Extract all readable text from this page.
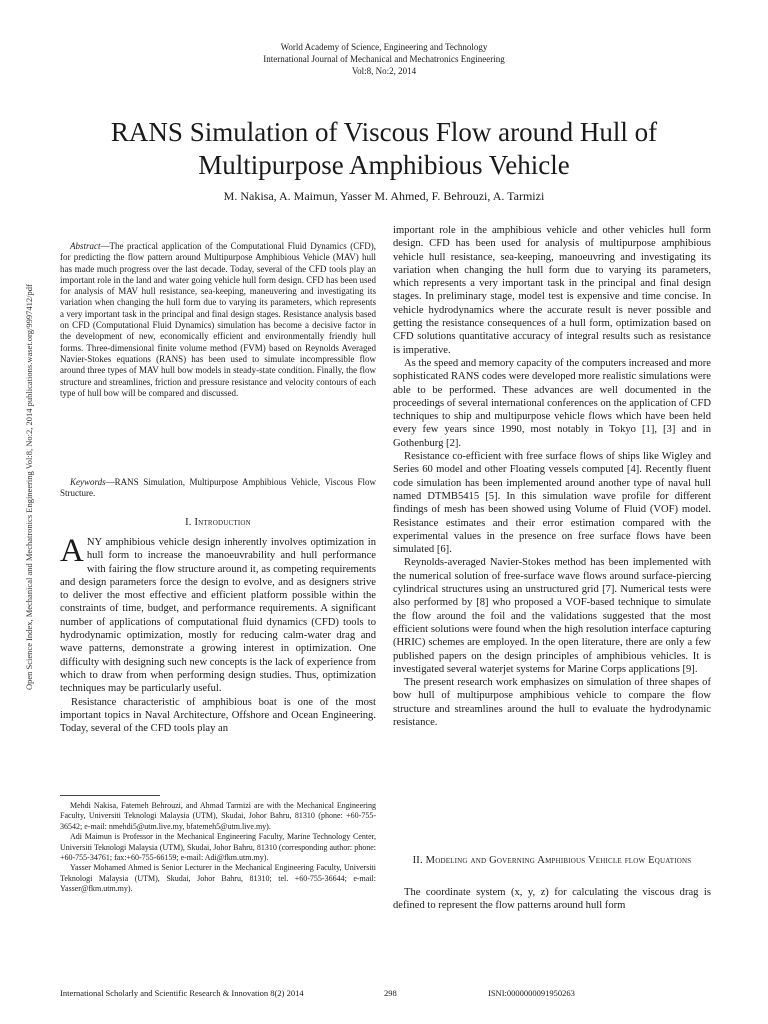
World Academy of Science, Engineering and Technology
International Journal of Mechanical and Mechatronics Engineering
Vol:8, No:2, 2014
RANS Simulation of Viscous Flow around Hull of
Multipurpose Amphibious Vehicle
M. Nakisa, A. Maimun, Yasser M. Ahmed, F. Behrouzi, A. Tarmizi
Open Science Index, Mechanical and Mechatronics Engineering Vol:8, No:2, 2014 publications.waset.org/9997412/pdf
Abstract—The practical application of the Computational Fluid Dynamics (CFD), for predicting the flow pattern around Multipurpose Amphibious Vehicle (MAV) hull has made much progress over the last decade. Today, several of the CFD tools play an important role in the land and water going vehicle hull form design. CFD has been used for analysis of MAV hull resistance, sea-keeping, maneuvering and investigating its variation when changing the hull form due to varying its parameters, which represents a very important task in the principal and final design stages. Resistance analysis based on CFD (Computational Fluid Dynamics) simulation has become a decisive factor in the development of new, economically efficient and environmentally friendly hull forms. Three-dimensional finite volume method (FVM) based on Reynolds Averaged Navier-Stokes equations (RANS) has been used to simulate incompressible flow around three types of MAV hull bow models in steady-state condition. Finally, the flow structure and streamlines, friction and pressure resistance and velocity contours of each type of hull bow will be compared and discussed.
Keywords—RANS Simulation, Multipurpose Amphibious Vehicle, Viscous Flow Structure.
I. Introduction

ANY amphibious vehicle design inherently involves optimization in hull form to increase the manoeuvrability and hull performance with fairing the flow structure around it, as competing requirements and design parameters force the design to evolve, and as designers strive to deliver the most effective and efficient platform possible within the constraints of time, budget, and performance requirements. A significant number of applications of computational fluid dynamics (CFD) tools to hydrodynamic optimization, mostly for reducing calm-water drag and wave patterns, demonstrate a growing interest in optimization. One difficulty with designing such new concepts is the lack of experience from which to draw from when performing design studies. Thus, optimization techniques may be particularly useful.

Resistance characteristic of amphibious boat is one of the most important topics in Naval Architecture, Offshore and Ocean Engineering. Today, several of the CFD tools play an

Mehdi Nakisa, Fatemeh Behrouzi, and Ahmad Tarmizi are with the Mechanical Engineering Faculty, Universiti Teknologi Malaysia (UTM), Skudai, Johor Bahru, 81310 (phone: +60-755-36542; e-mail: nmehdi5@utm.live.my, bfatemeh5@utm.live.my).

Adi Maimun is Professor in the Mechanical Engineering Faculty, Marine Technology Center, Universiti Teknologi Malaysia (UTM), Skudai, Johor Bahru, 81310 (corresponding author: phone: +60-755-34761; fax:+60-755-66159; e-mail: Adi@fkm.utm.my).

Yasser Mohamed Ahmed is Senior Lecturer in the Mechanical Engineering Faculty, Universiti Teknologi Malaysia (UTM), Skudai, Johor Bahru, 81310; tel. +60-755-36644; e-mail: Yasser@fkm.utm.my).

important role in the amphibious vehicle and other vehicles hull form design. CFD has been used for analysis of multipurpose amphibious vehicle hull resistance, sea-keeping, manoeuvring and investigating its variation when changing the hull form due to varying its parameters, which represents a very important task in the principal and final design stages. In preliminary stage, model test is expensive and time concise. In vehicle hydrodynamics where the accurate result is never possible and getting the resistance consequences of a hull form, optimization based on CFD solutions quantitative accuracy of integral results such as resistance is imperative.

As the speed and memory capacity of the computers increased and more sophisticated RANS codes were developed more realistic simulations were able to be performed. These advances are well documented in the proceedings of several international conferences on the application of CFD techniques to ship and multipurpose vehicle flows which have been held every few years since 1990, most notably in Tokyo [1], [3] and in Gothenburg [2].

Resistance co-efficient with free surface flows of ships like Wigley and Series 60 model and other Floating vessels computed [4]. Recently fluent code simulation has been implemented around another type of naval hull named DTMB5415 [5]. In this simulation wave profile for different findings of mesh has been showed using Volume of Fluid (VOF) model. Resistance estimates and their error estimation compared with the experimental values in the presence on free surface flows have been simulated [6].

Reynolds-averaged Navier-Stokes method has been implemented with the numerical solution of free-surface wave flows around surface-piercing cylindrical structures using an unstructured grid [7]. Numerical tests were also performed by [8] who proposed a VOF-based technique to simulate the flow around the foil and the validations suggested that the most efficient solutions were found when the high resolution interface capturing (HRIC) schemes are employed. In the open literature, there are only a few published papers on the design principles of amphibious vehicles. It is investigated several waterjet systems for Marine Corps applications [9].

The present research work emphasizes on simulation of three shapes of bow hull of multipurpose amphibious vehicle to compare the flow structure and streamlines around the hull to evaluate the hydrodynamic resistance.

II. Modeling and Governing Amphibious Vehicle flow Equations

The coordinate system (x, y, z) for calculating the viscous drag is defined to represent the flow patterns around hull form

International Scholarly and Scientific Research & Innovation 8(2) 2014	298	ISNI:0000000091950263
